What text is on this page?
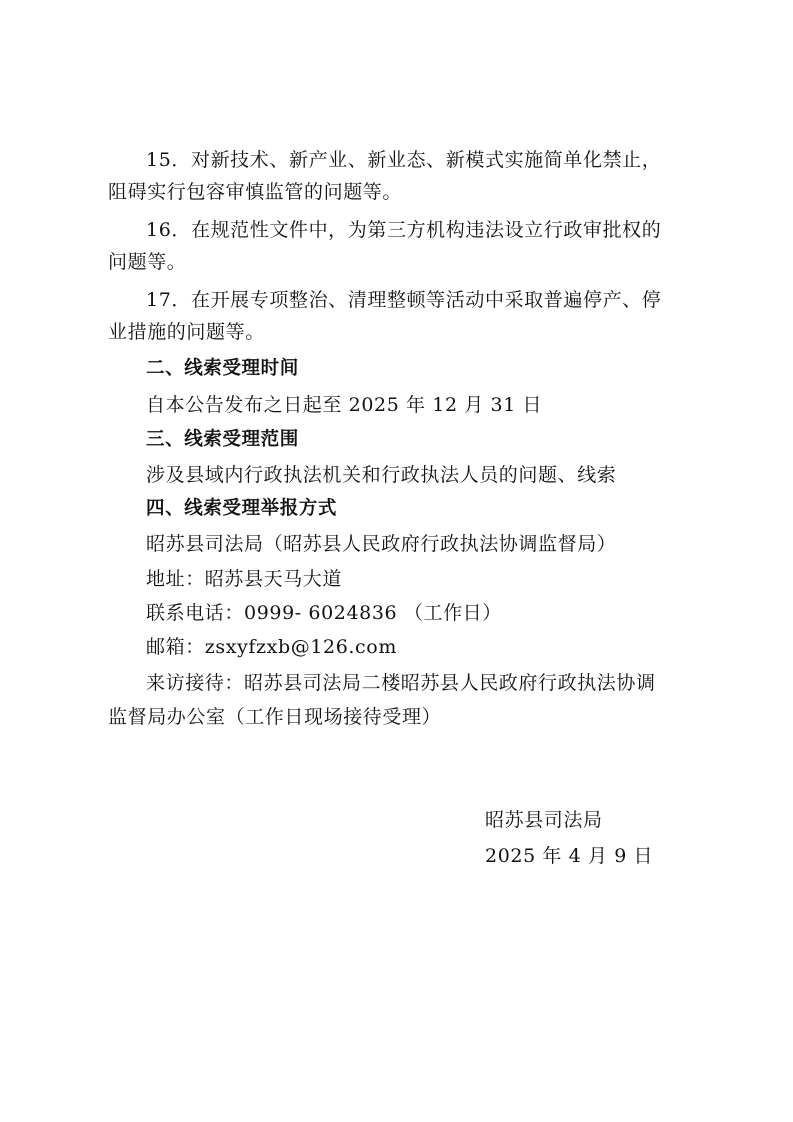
15．对新技术、新产业、新业态、新模式实施简单化禁止，
阻碍实行包容审慎监管的问题等。
16．在规范性文件中，为第三方机构违法设立行政审批权的
问题等。
17．在开展专项整治、清理整顿等活动中采取普遍停产、停
业措施的问题等。
二、线索受理时间
自本公告发布之日起至 2025 年 12 月 31 日
三、线索受理范围
涉及县域内行政执法机关和行政执法人员的问题、线索
四、线索受理举报方式
昭苏县司法局（昭苏县人民政府行政执法协调监督局）
地址：昭苏县天马大道
联系电话：0999- 6024836 （工作日）
邮箱：zsxyfzxb@126.com
来访接待：昭苏县司法局二楼昭苏县人民政府行政执法协调
监督局办公室（工作日现场接待受理）
昭苏县司法局
2025 年 4 月 9 日
